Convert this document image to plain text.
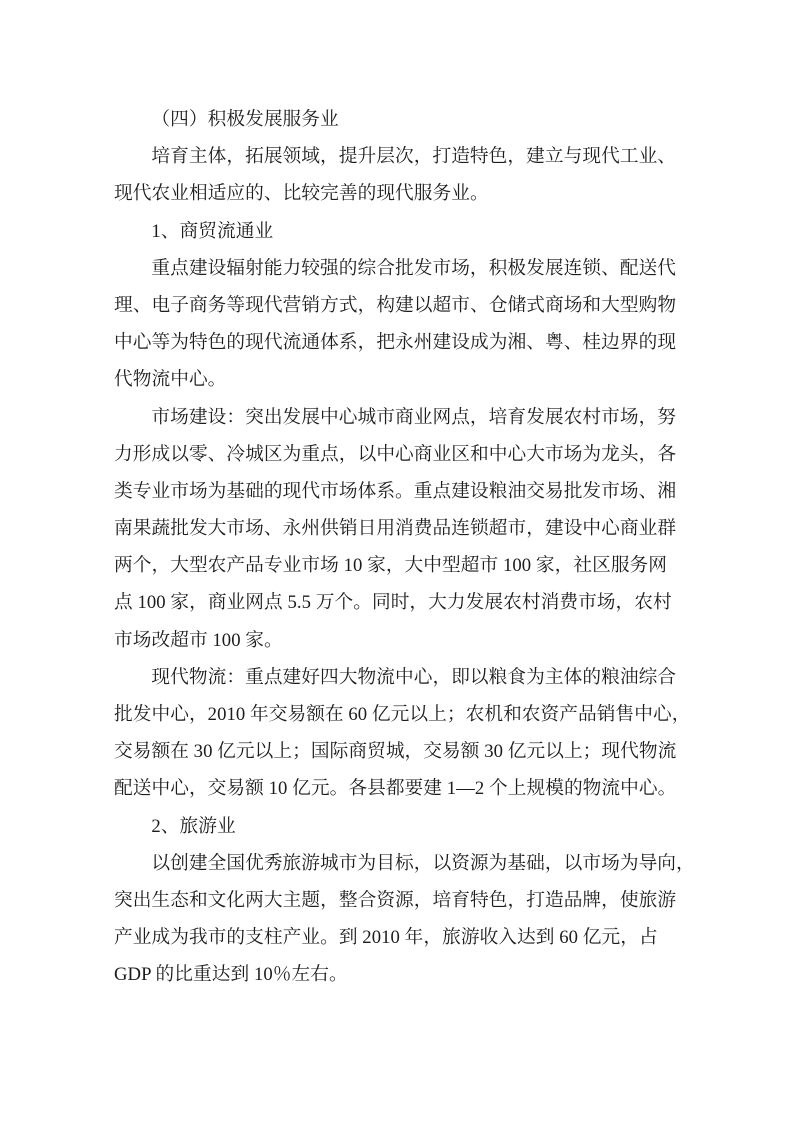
（四）积极发展服务业
培育主体，拓展领域，提升层次，打造特色，建立与现代工业、
现代农业相适应的、比较完善的现代服务业。
1、商贸流通业
重点建设辐射能力较强的综合批发市场，积极发展连锁、配送代
理、电子商务等现代营销方式，构建以超市、仓储式商场和大型购物
中心等为特色的现代流通体系，把永州建设成为湘、粤、桂边界的现
代物流中心。
市场建设：突出发展中心城市商业网点，培育发展农村市场，努
力形成以零、冷城区为重点，以中心商业区和中心大市场为龙头，各
类专业市场为基础的现代市场体系。重点建设粮油交易批发市场、湘
南果蔬批发大市场、永州供销日用消费品连锁超市，建设中心商业群
两个，大型农产品专业市场 10 家，大中型超市 100 家，社区服务网
点 100 家，商业网点 5.5 万个。同时，大力发展农村消费市场，农村
市场改超市 100 家。
现代物流：重点建好四大物流中心，即以粮食为主体的粮油综合
批发中心，2010 年交易额在 60 亿元以上；农机和农资产品销售中心，
交易额在 30 亿元以上；国际商贸城，交易额 30 亿元以上；现代物流
配送中心，交易额 10 亿元。各县都要建 1—2 个上规模的物流中心。
2、旅游业
以创建全国优秀旅游城市为目标，以资源为基础，以市场为导向，
突出生态和文化两大主题，整合资源，培育特色，打造品牌，使旅游
产业成为我市的支柱产业。到 2010 年，旅游收入达到 60 亿元，占
GDP 的比重达到 10％左右。
